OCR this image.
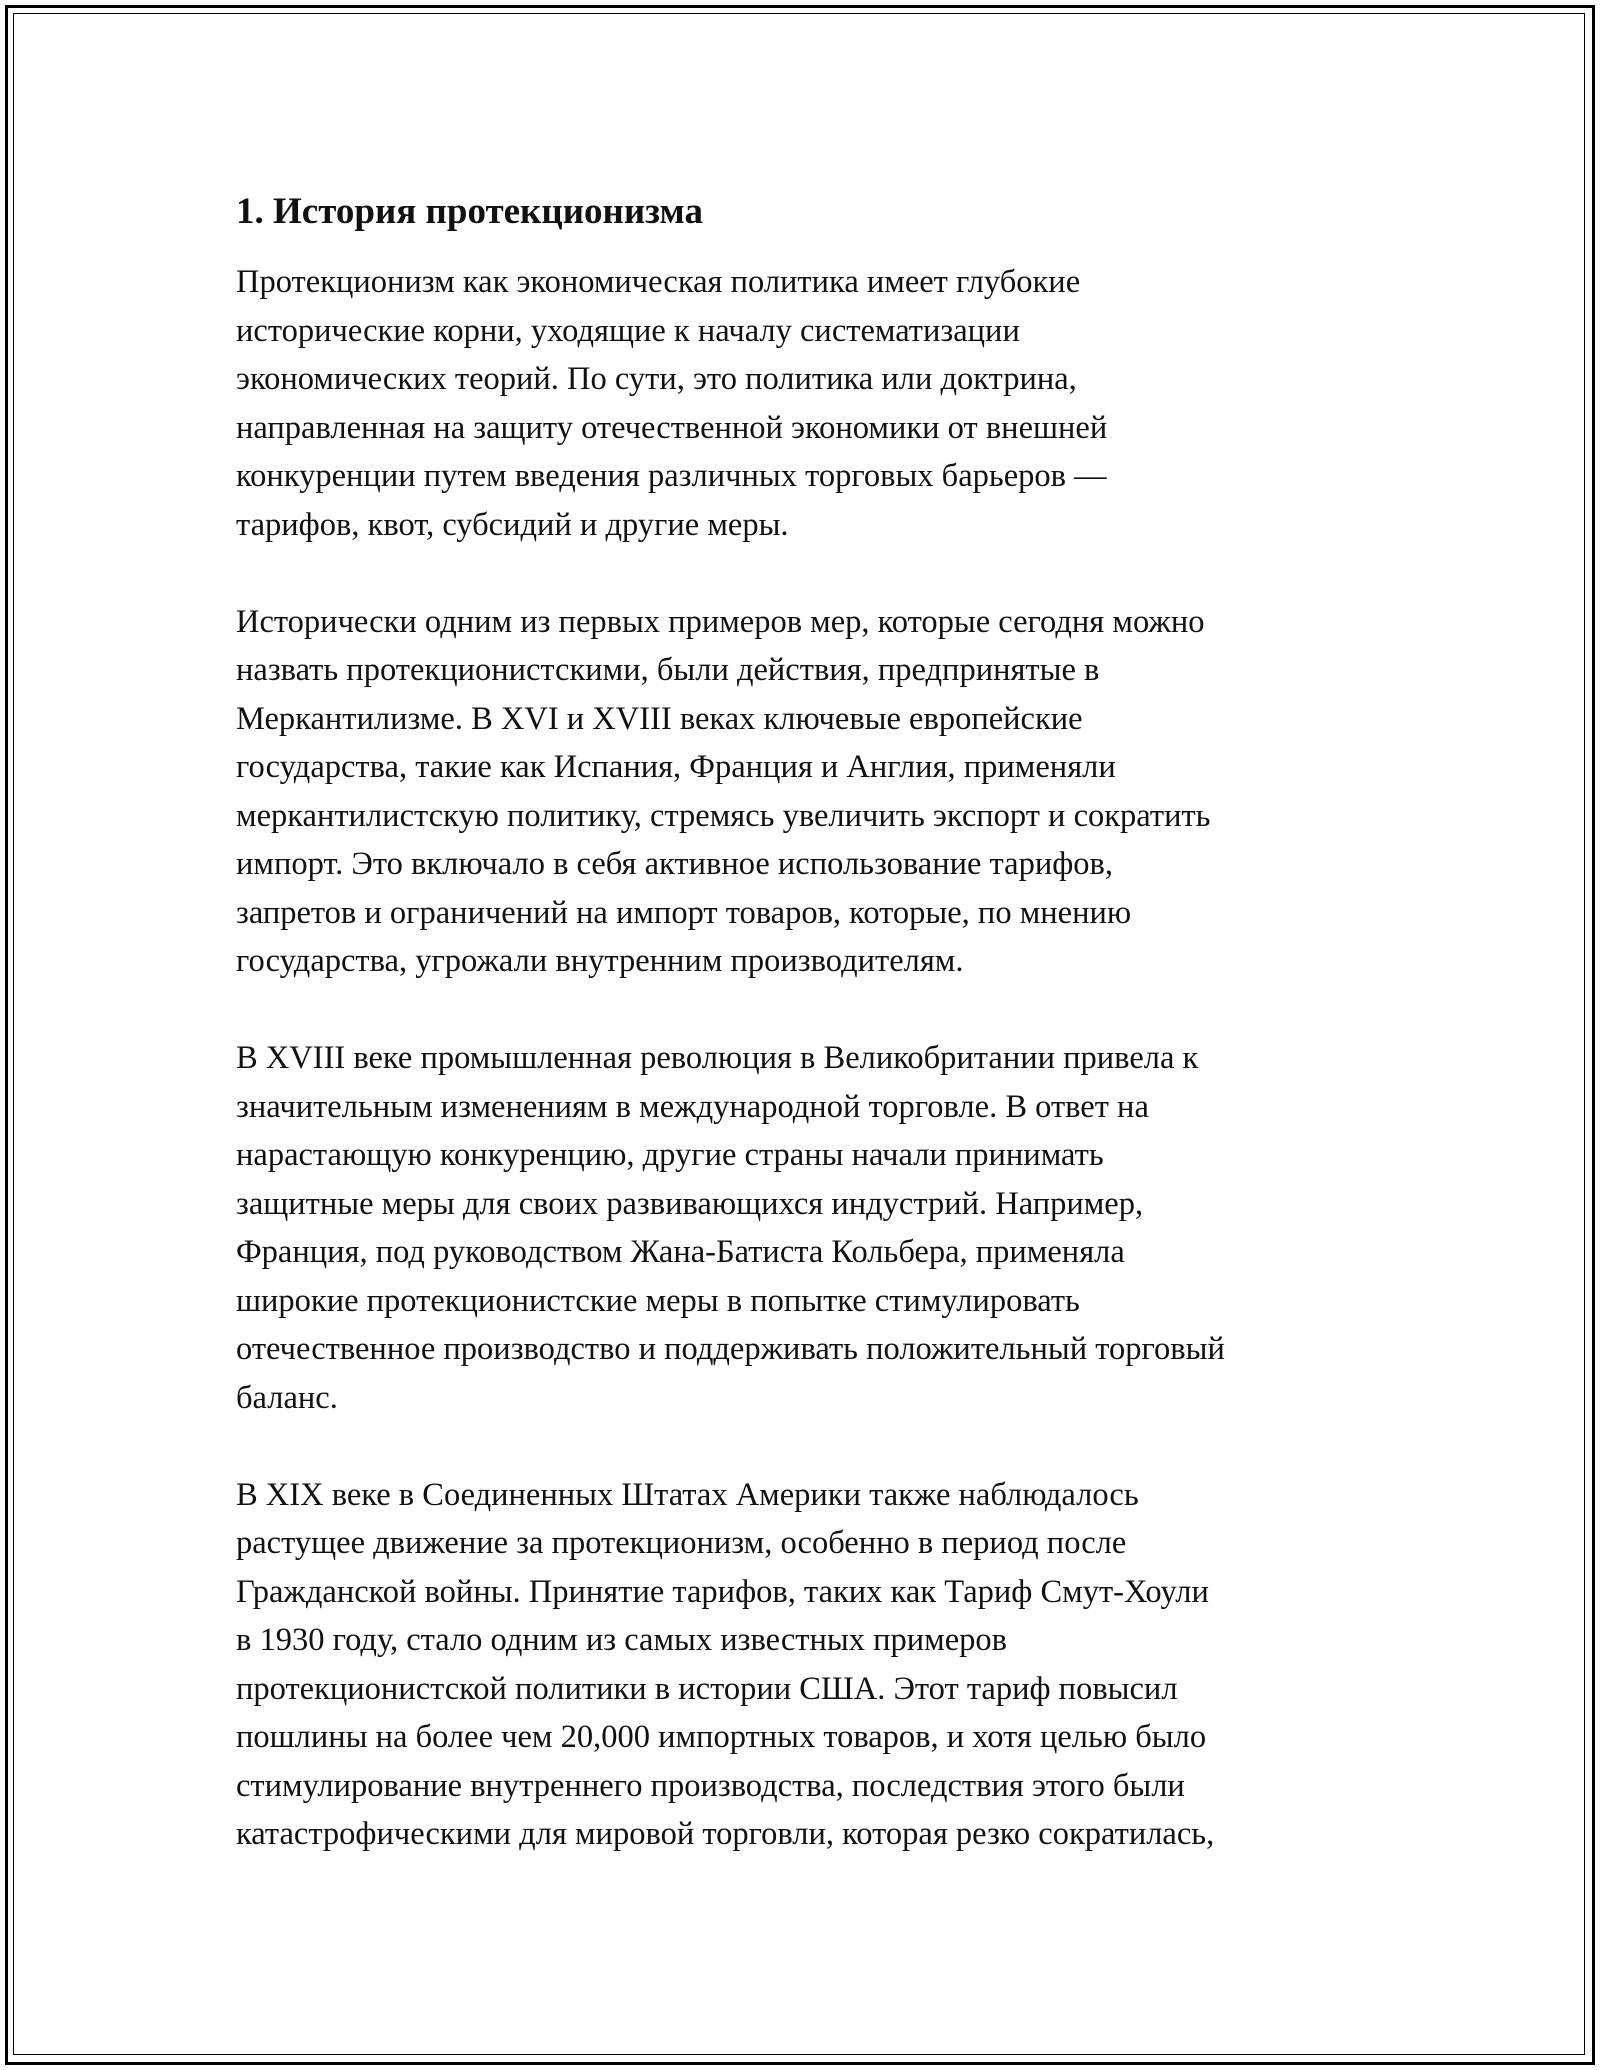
1. История протекционизма

Протекционизм как экономическая политика имеет глубокие
исторические корни, уходящие к началу систематизации
экономических теорий. По сути, это политика или доктрина,
направленная на защиту отечественной экономики от внешней
конкуренции путем введения различных торговых барьеров —
тарифов, квот, субсидий и другие меры.

Исторически одним из первых примеров мер, которые сегодня можно
назвать протекционистскими, были действия, предпринятые в
Меркантилизме. В XVI и XVIII веках ключевые европейские
государства, такие как Испания, Франция и Англия, применяли
меркантилистскую политику, стремясь увеличить экспорт и сократить
импорт. Это включало в себя активное использование тарифов,
запретов и ограничений на импорт товаров, которые, по мнению
государства, угрожали внутренним производителям.

В XVIII веке промышленная революция в Великобритании привела к
значительным изменениям в международной торговле. В ответ на
нарастающую конкуренцию, другие страны начали принимать
защитные меры для своих развивающихся индустрий. Например,
Франция, под руководством Жана-Батиста Кольбера, применяла
широкие протекционистские меры в попытке стимулировать
отечественное производство и поддерживать положительный торговый
баланс.

В XIX веке в Соединенных Штатах Америки также наблюдалось
растущее движение за протекционизм, особенно в период после
Гражданской войны. Принятие тарифов, таких как Тариф Смут-Хоули
в 1930 году, стало одним из самых известных примеров
протекционистской политики в истории США. Этот тариф повысил
пошлины на более чем 20,000 импортных товаров, и хотя целью было
стимулирование внутреннего производства, последствия этого были
катастрофическими для мировой торговли, которая резко сократилась,
